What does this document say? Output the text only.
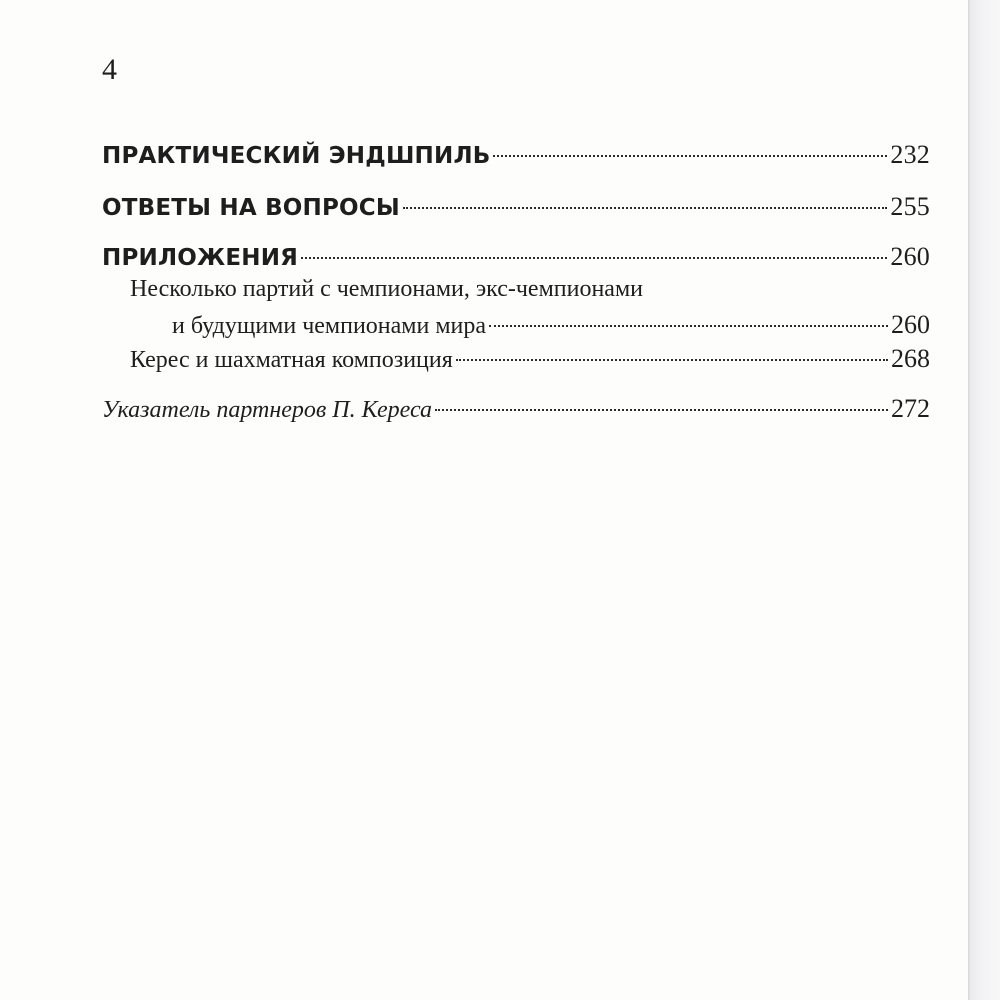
4
ПРАКТИЧЕСКИЙ ЭНДШПИЛЬ	232
ОТВЕТЫ НА ВОПРОСЫ	255
ПРИЛОЖЕНИЯ	260
Несколько партий с чемпионами, экс-чемпионами
и будущими чемпионами мира	260
Керес и шахматная композиция	268
Указатель партнеров П. Кереса	272
